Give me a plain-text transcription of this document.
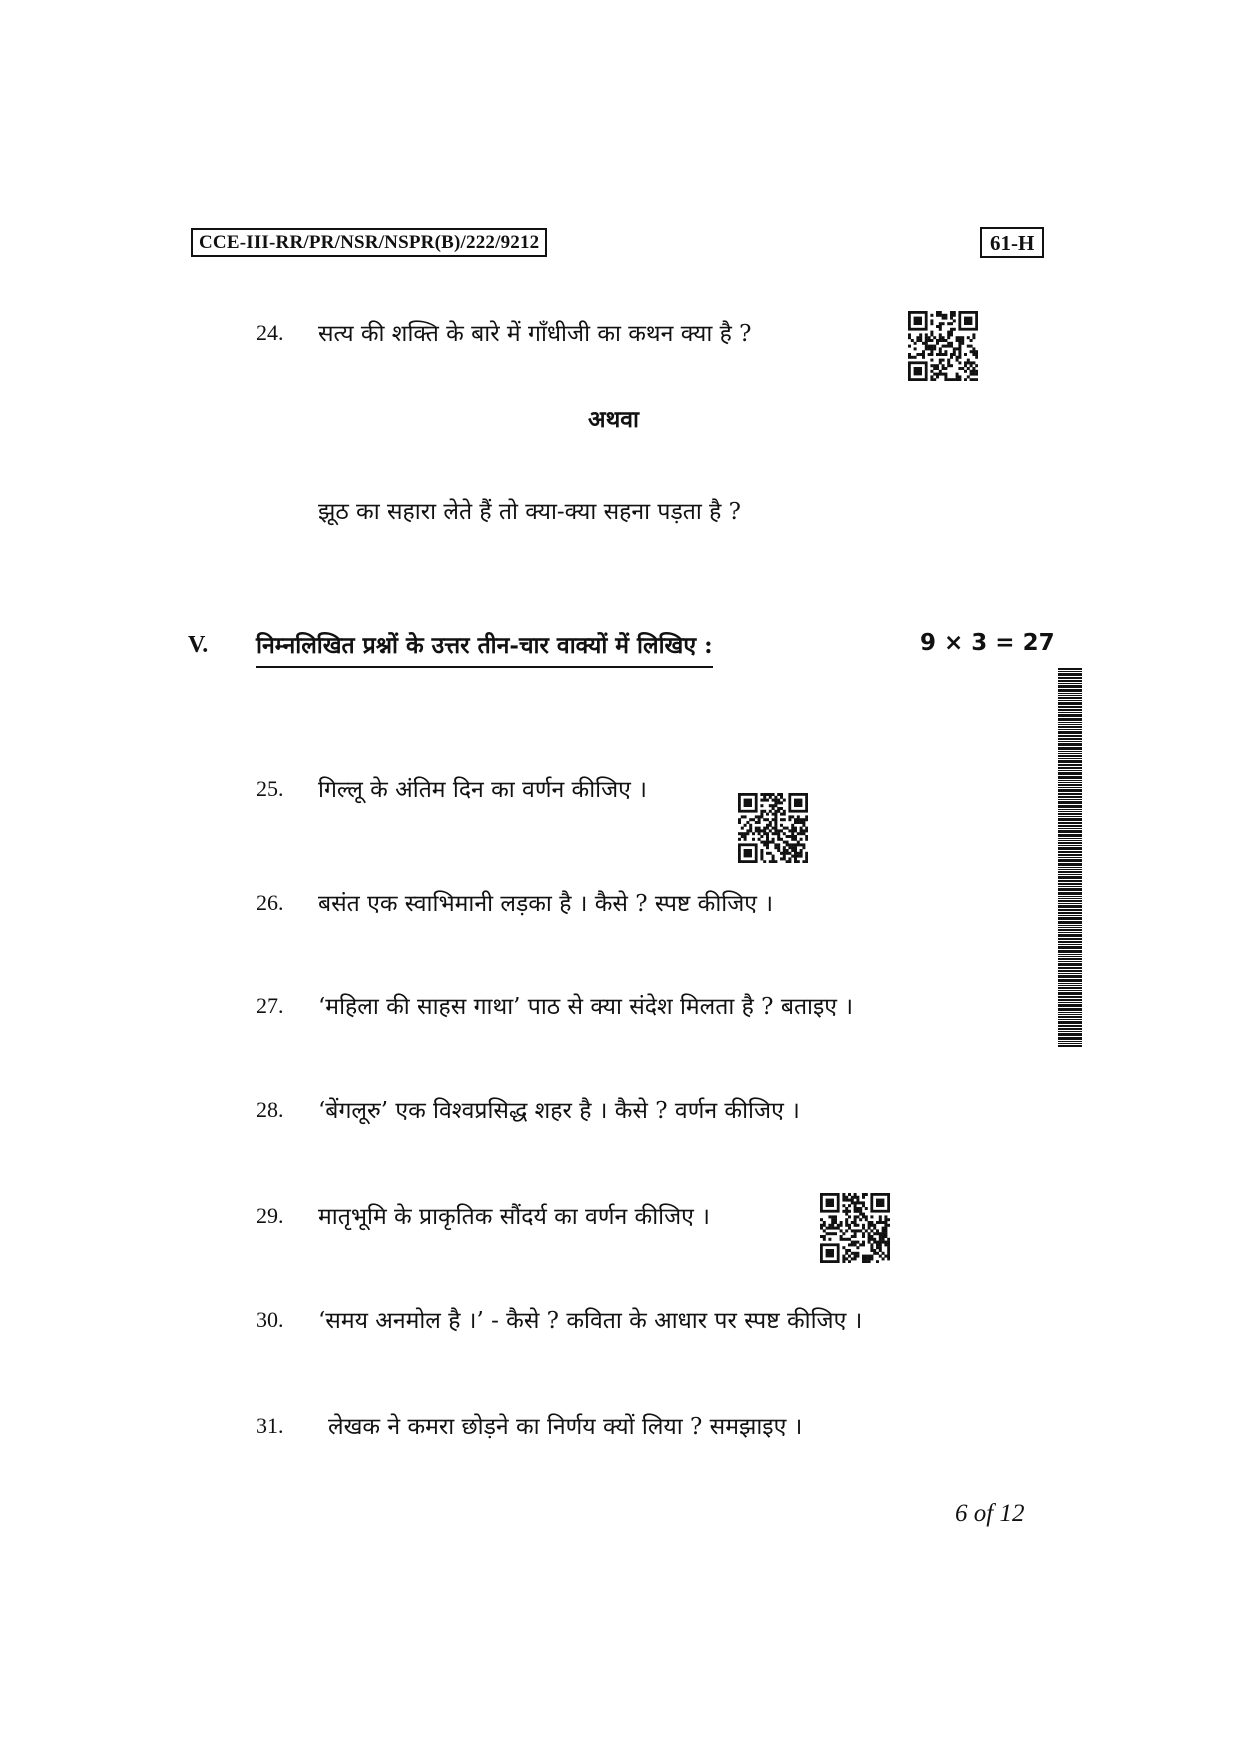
CCE-III-RR/PR/NSR/NSPR(B)/222/9212	61-H
24. सत्य की शक्ति के बारे में गाँधीजी का कथन क्या है ?
अथवा
झूठ का सहारा लेते हैं तो क्या-क्या सहना पड़ता है ?
V. निम्नलिखित प्रश्नों के उत्तर तीन-चार वाक्यों में लिखिए :	9 × 3 = 27
25. गिल्लू के अंतिम दिन का वर्णन कीजिए ।
26. बसंत एक स्वाभिमानी लड़का है । कैसे ? स्पष्ट कीजिए ।
27. ‘महिला की साहस गाथा’ पाठ से क्या संदेश मिलता है ? बताइए ।
28. ‘बेंगलूरु’ एक विश्वप्रसिद्ध शहर है । कैसे ? वर्णन कीजिए ।
29. मातृभूमि के प्राकृतिक सौंदर्य का वर्णन कीजिए ।
30. ‘समय अनमोल है ।’ - कैसे ? कविता के आधार पर स्पष्ट कीजिए ।
31. लेखक ने कमरा छोड़ने का निर्णय क्यों लिया ? समझाइए ।
6 of 12
